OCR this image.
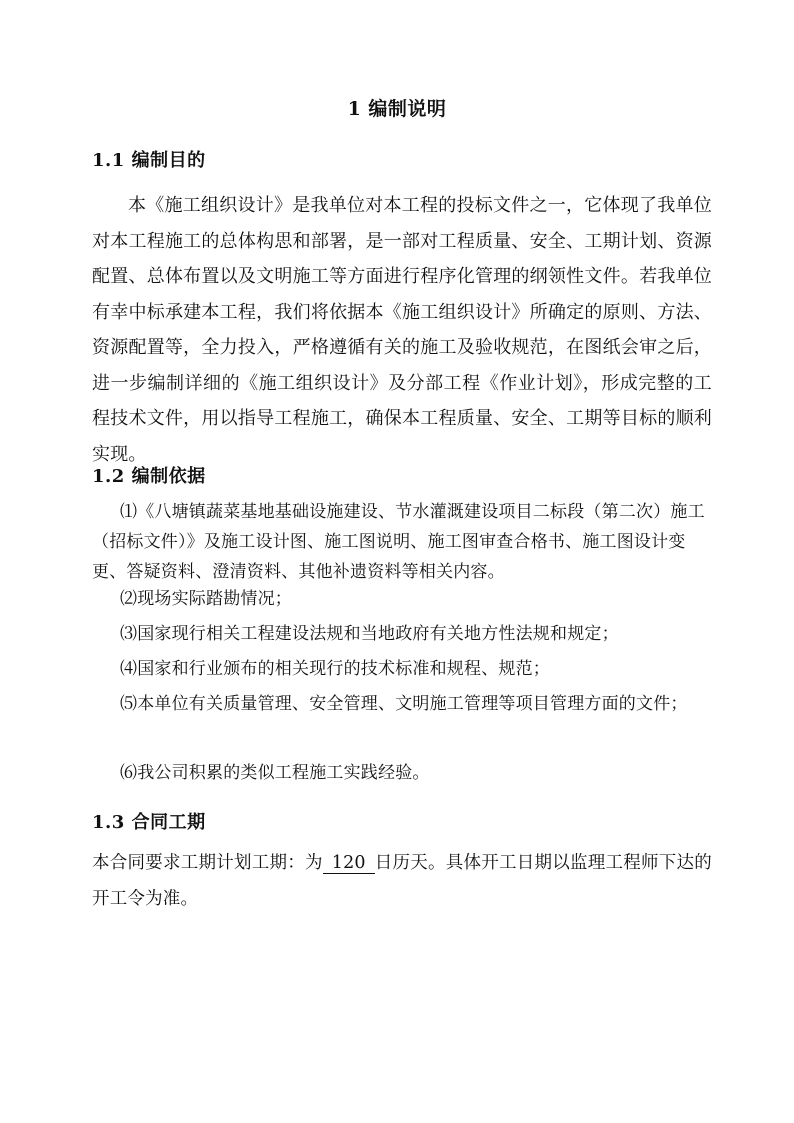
1 编制说明
1.1 编制目的
本《施工组织设计》是我单位对本工程的投标文件之一，它体现了我单位对本工程施工的总体构思和部署，是一部对工程质量、安全、工期计划、资源配置、总体布置以及文明施工等方面进行程序化管理的纲领性文件。若我单位有幸中标承建本工程，我们将依据本《施工组织设计》所确定的原则、方法、资源配置等，全力投入，严格遵循有关的施工及验收规范，在图纸会审之后，进一步编制详细的《施工组织设计》及分部工程《作业计划》，形成完整的工程技术文件，用以指导工程施工，确保本工程质量、安全、工期等目标的顺利实现。
1.2 编制依据
⑴《八塘镇蔬菜基地基础设施建设、节水灌溉建设项目二标段（第二次）施工（招标文件）》及施工设计图、施工图说明、施工图审查合格书、施工图设计变更、答疑资料、澄清资料、其他补遗资料等相关内容。
⑵现场实际踏勘情况；
⑶国家现行相关工程建设法规和当地政府有关地方性法规和规定；
⑷国家和行业颁布的相关现行的技术标准和规程、规范；
⑸本单位有关质量管理、安全管理、文明施工管理等项目管理方面的文件；
⑹我公司积累的类似工程施工实践经验。
1.3 合同工期
本合同要求工期计划工期：为 120 日历天。具体开工日期以监理工程师下达的开工令为准。
